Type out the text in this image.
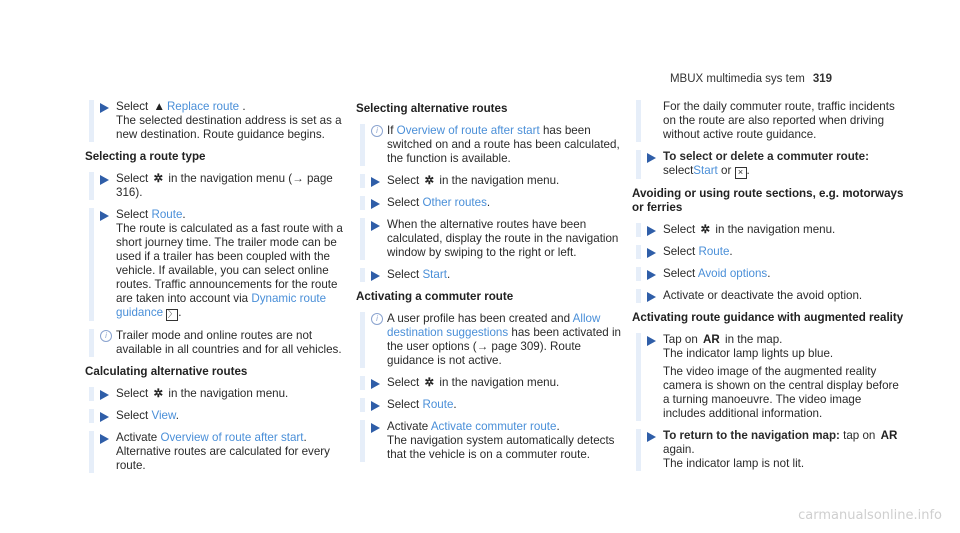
MBUX multimedia sys tem 319
Select ▲ Replace route .
The selected destination address is set as a new destination. Route guidance begins.
Selecting a route type
Select ✲ in the navigation menu (→ page 316).
Select Route.
The route is calculated as a fast route with a short journey time. The trailer mode can be used if a trailer has been coupled with the vehicle. If available, you can select online routes. Traffic announcements for the route are taken into account via Dynamic route guidance 〉 .
i Trailer mode and online routes are not available in all countries and for all vehicles.
Calculating alternative routes
Select ✲ in the navigation menu.
Select View.
Activate Overview of route after start.
Alternative routes are calculated for every route.
Selecting alternative routes
i If Overview of route after start has been switched on and a route has been calculated, the function is available.
Select ✲ in the navigation menu.
Select Other routes.
When the alternative routes have been calculated, display the route in the navigation window by swiping to the right or left.
Select Start.
Activating a commuter route
i A user profile has been created and Allow destination suggestions has been activated in the user options (→ page 309). Route guidance is not active.
Select ✲ in the navigation menu.
Select Route.
Activate Activate commuter route.
The navigation system automatically detects that the vehicle is on a commuter route.
For the daily commuter route, traffic incidents on the route are also reported when driving without active route guidance.
To select or delete a commuter route: selectStart or × .
Avoiding or using route sections, e.g. motorways or ferries
Select ✲ in the navigation menu.
Select Route.
Select Avoid options.
Activate or deactivate the avoid option.
Activating route guidance with augmented reality
Tap on AR in the map.
The indicator lamp lights up blue.
The video image of the augmented reality camera is shown on the central display before a turning manoeuvre. The video image includes additional information.
To return to the navigation map: tap on AR again.
The indicator lamp is not lit.
carmanualsonline.info
